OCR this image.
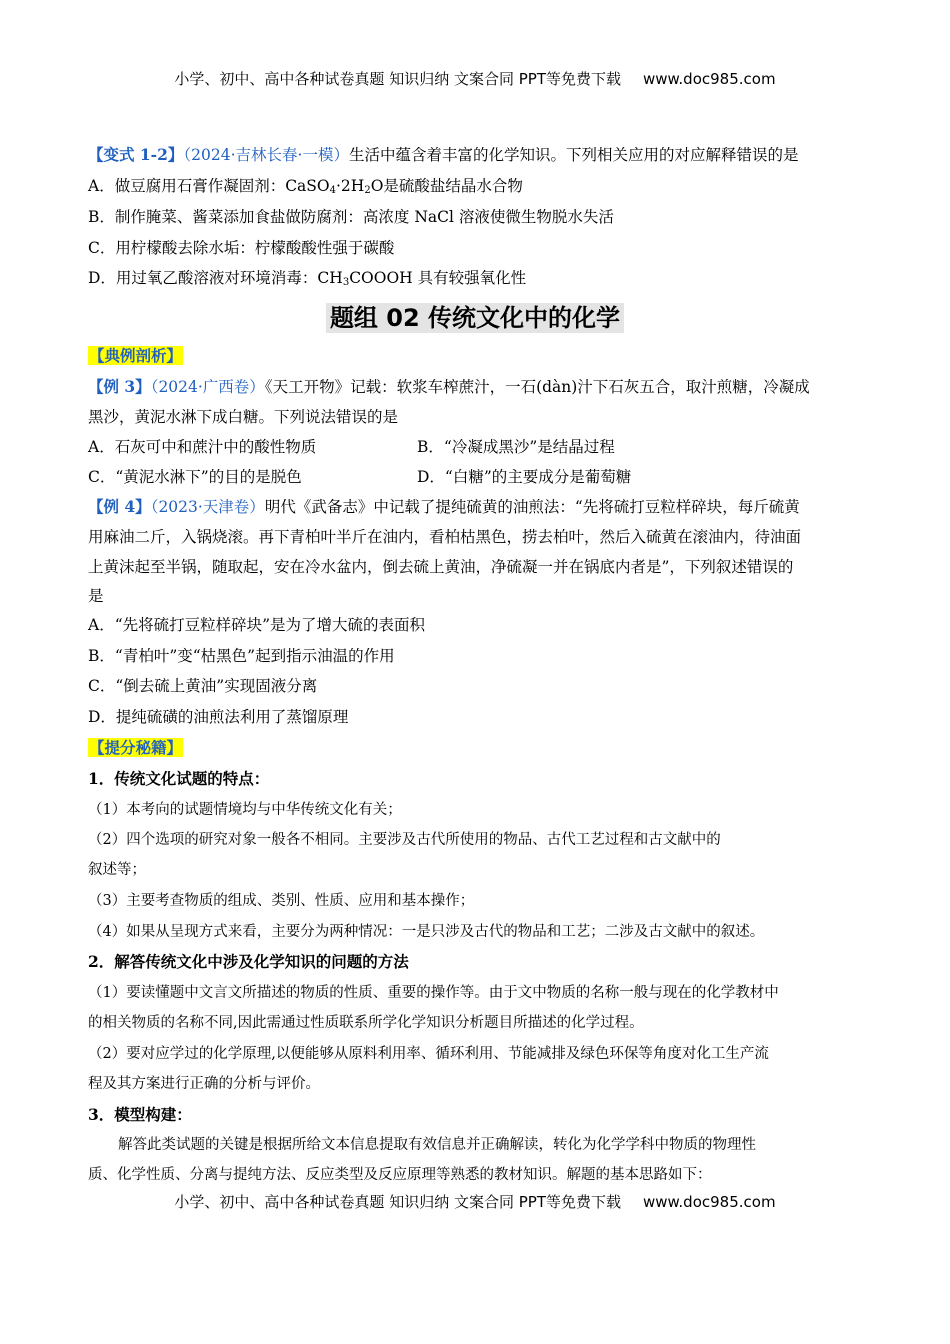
小学、初中、高中各种试卷真题 知识归纳 文案合同 PPT等免费下载 www.doc985.com
【变式 1-2】（2024·吉林长春·一模）生活中蕴含着丰富的化学知识。下列相关应用的对应解释错误的是
A．做豆腐用石膏作凝固剂：$CaSO_4\cdot 2H_2O$是硫酸盐结晶水合物
B．制作腌菜、酱菜添加食盐做防腐剂：高浓度 NaCl 溶液使微生物脱水失活
C．用柠檬酸去除水垢：柠檬酸酸性强于碳酸
D．用过氧乙酸溶液对环境消毒：$CH_3COOOH$ 具有较强氧化性
题组 02 传统文化中的化学
【典例剖析】
【例 3】（2024·广西卷）《天工开物》记载：软浆车榨蔗汁，一石(dàn)汁下石灰五合，取汁煎糖，冷凝成
黑沙，黄泥水淋下成白糖。下列说法错误的是
A．石灰可中和蔗汁中的酸性物质	B．“冷凝成黑沙”是结晶过程
C．“黄泥水淋下”的目的是脱色	D．“白糖”的主要成分是葡萄糖
【例 4】（2023·天津卷）明代《武备志》中记载了提纯硫黄的油煎法：“先将硫打豆粒样碎块，每斤硫黄
用麻油二斤，入锅烧滚。再下青柏叶半斤在油内，看柏枯黑色，捞去柏叶，然后入硫黄在滚油内，待油面
上黄沫起至半锅，随取起，安在冷水盆内，倒去硫上黄油，净硫凝一并在锅底内者是”，下列叙述错误的
是
A．“先将硫打豆粒样碎块”是为了增大硫的表面积
B．“青柏叶”变“枯黑色”起到指示油温的作用
C．“倒去硫上黄油”实现固液分离
D．提纯硫磺的油煎法利用了蒸馏原理
【提分秘籍】
1．传统文化试题的特点：
（1）本考向的试题情境均与中华传统文化有关；
（2）四个选项的研究对象一般各不相同。主要涉及古代所使用的物品、古代工艺过程和古文献中的
叙述等；
（3）主要考查物质的组成、类别、性质、应用和基本操作；
（4）如果从呈现方式来看，主要分为两种情况：一是只涉及古代的物品和工艺；二涉及古文献中的叙述。
2．解答传统文化中涉及化学知识的问题的方法
（1）要读懂题中文言文所描述的物质的性质、重要的操作等。由于文中物质的名称一般与现在的化学教材中
的相关物质的名称不同,因此需通过性质联系所学化学知识分析题目所描述的化学过程。
（2）要对应学过的化学原理,以便能够从原料利用率、循环利用、节能减排及绿色环保等角度对化工生产流
程及其方案进行正确的分析与评价。
3．模型构建：
解答此类试题的关键是根据所给文本信息提取有效信息并正确解读，转化为化学学科中物质的物理性
质、化学性质、分离与提纯方法、反应类型及反应原理等熟悉的教材知识。解题的基本思路如下：
小学、初中、高中各种试卷真题 知识归纳 文案合同 PPT等免费下载 www.doc985.com
